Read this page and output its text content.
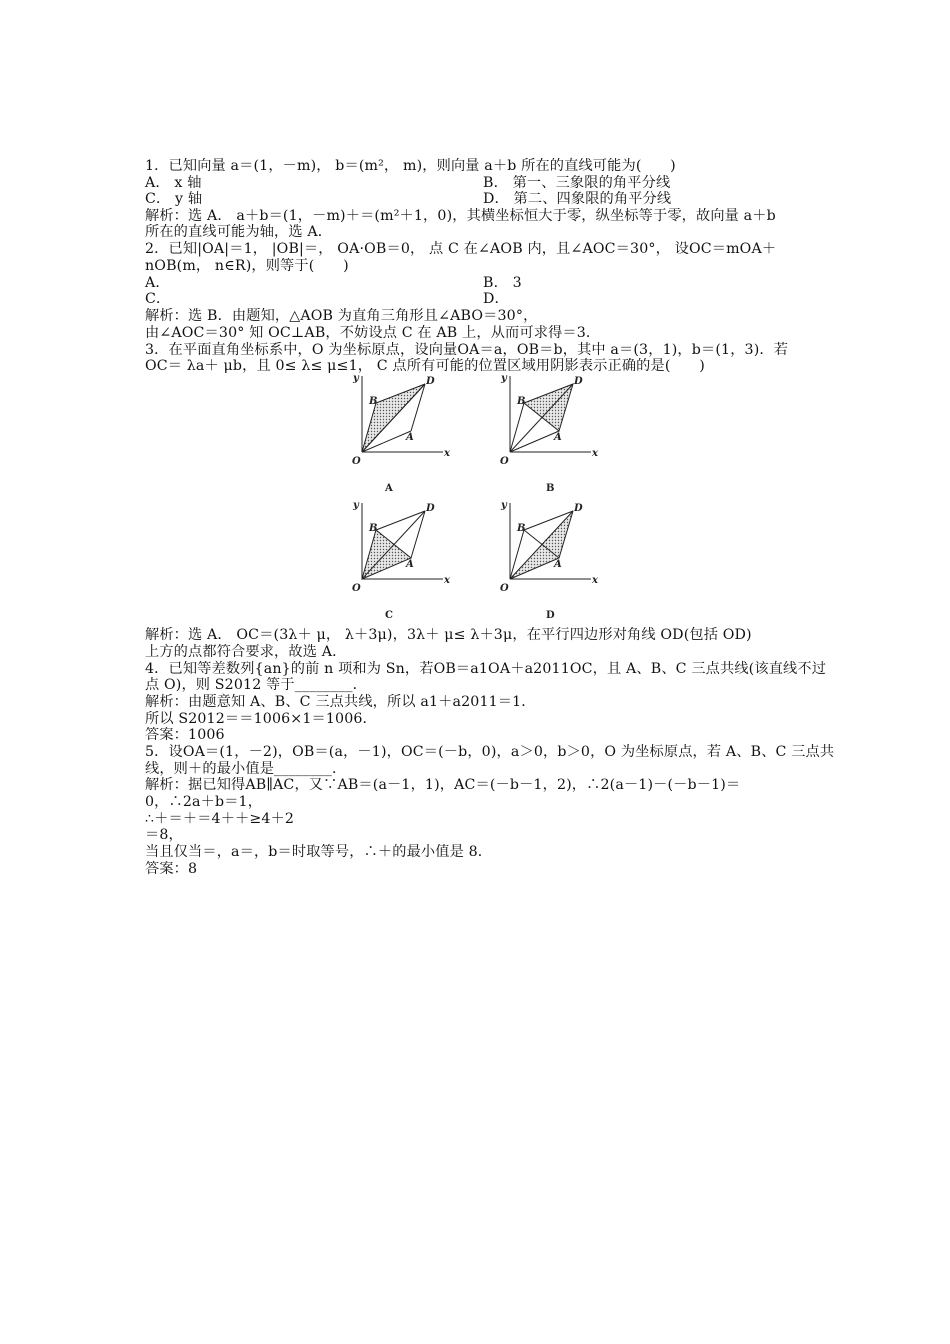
1．已知向量 a＝(1，－m)， b＝(m²， m)，则向量 a＋b 所在的直线可能为(　　)
A． x 轴	B． 第一、三象限的角平分线
C． y 轴	D． 第二、四象限的角平分线
解析：选 A． a＋b＝(1，－m)＋＝(m²＋1，0)，其横坐标恒大于零，纵坐标等于零，故向量 a＋b
所在的直线可能为轴，选 A．
2．已知|OA|＝1， |OB|＝， OA·OB＝0， 点 C 在∠AOB 内，且∠AOC＝30°， 设OC＝mOA＋
nOB(m， n∈R)，则等于(　　)
A．	B． 3
C．	D．
解析：选 B．由题知，△AOB 为直角三角形且∠ABO＝30°，
由∠AOC＝30° 知 OC⊥AB，不妨设点 C 在 AB 上，从而可求得＝3．
3．在平面直角坐标系中，O 为坐标原点，设向量OA＝a，OB＝b，其中 a＝(3，1)，b＝(1，3)．若
OC＝ λa＋ μb，且 0≤ λ≤ μ≤1， C 点所有可能的位置区域用阴影表示正确的是(　　)
x
y
O
B
D
A
A
x
y
O
B
D
A
B
x
y
O
B
D
A
C
x
y
O
B
D
A
D
解析：选 A． OC＝(3λ＋ μ， λ＋3μ)，3λ＋ μ≤ λ＋3μ，在平行四边形对角线 OD(包括 OD)
上方的点都符合要求，故选 A．
4．已知等差数列{an}的前 n 项和为 Sn，若OB＝a1OA＋a2011OC，且 A、B、C 三点共线(该直线不过
点 O)，则 S2012 等于________．
解析：由题意知 A、B、C 三点共线，所以 a1＋a2011＝1．
所以 S2012＝＝1006×1＝1006．
答案：1006
5．设OA＝(1，－2)，OB＝(a，－1)，OC＝(－b，0)，a＞0，b＞0，O 为坐标原点，若 A、B、C 三点共
线，则＋的最小值是________．
解析：据已知得AB∥AC，又∵AB＝(a－1，1)，AC＝(－b－1，2)，∴2(a－1)－(－b－1)＝
0，∴2a＋b＝1，
∴＋＝＋＝4＋＋≥4＋2
＝8，
当且仅当＝，a＝，b＝时取等号，∴＋的最小值是 8．
答案：8
